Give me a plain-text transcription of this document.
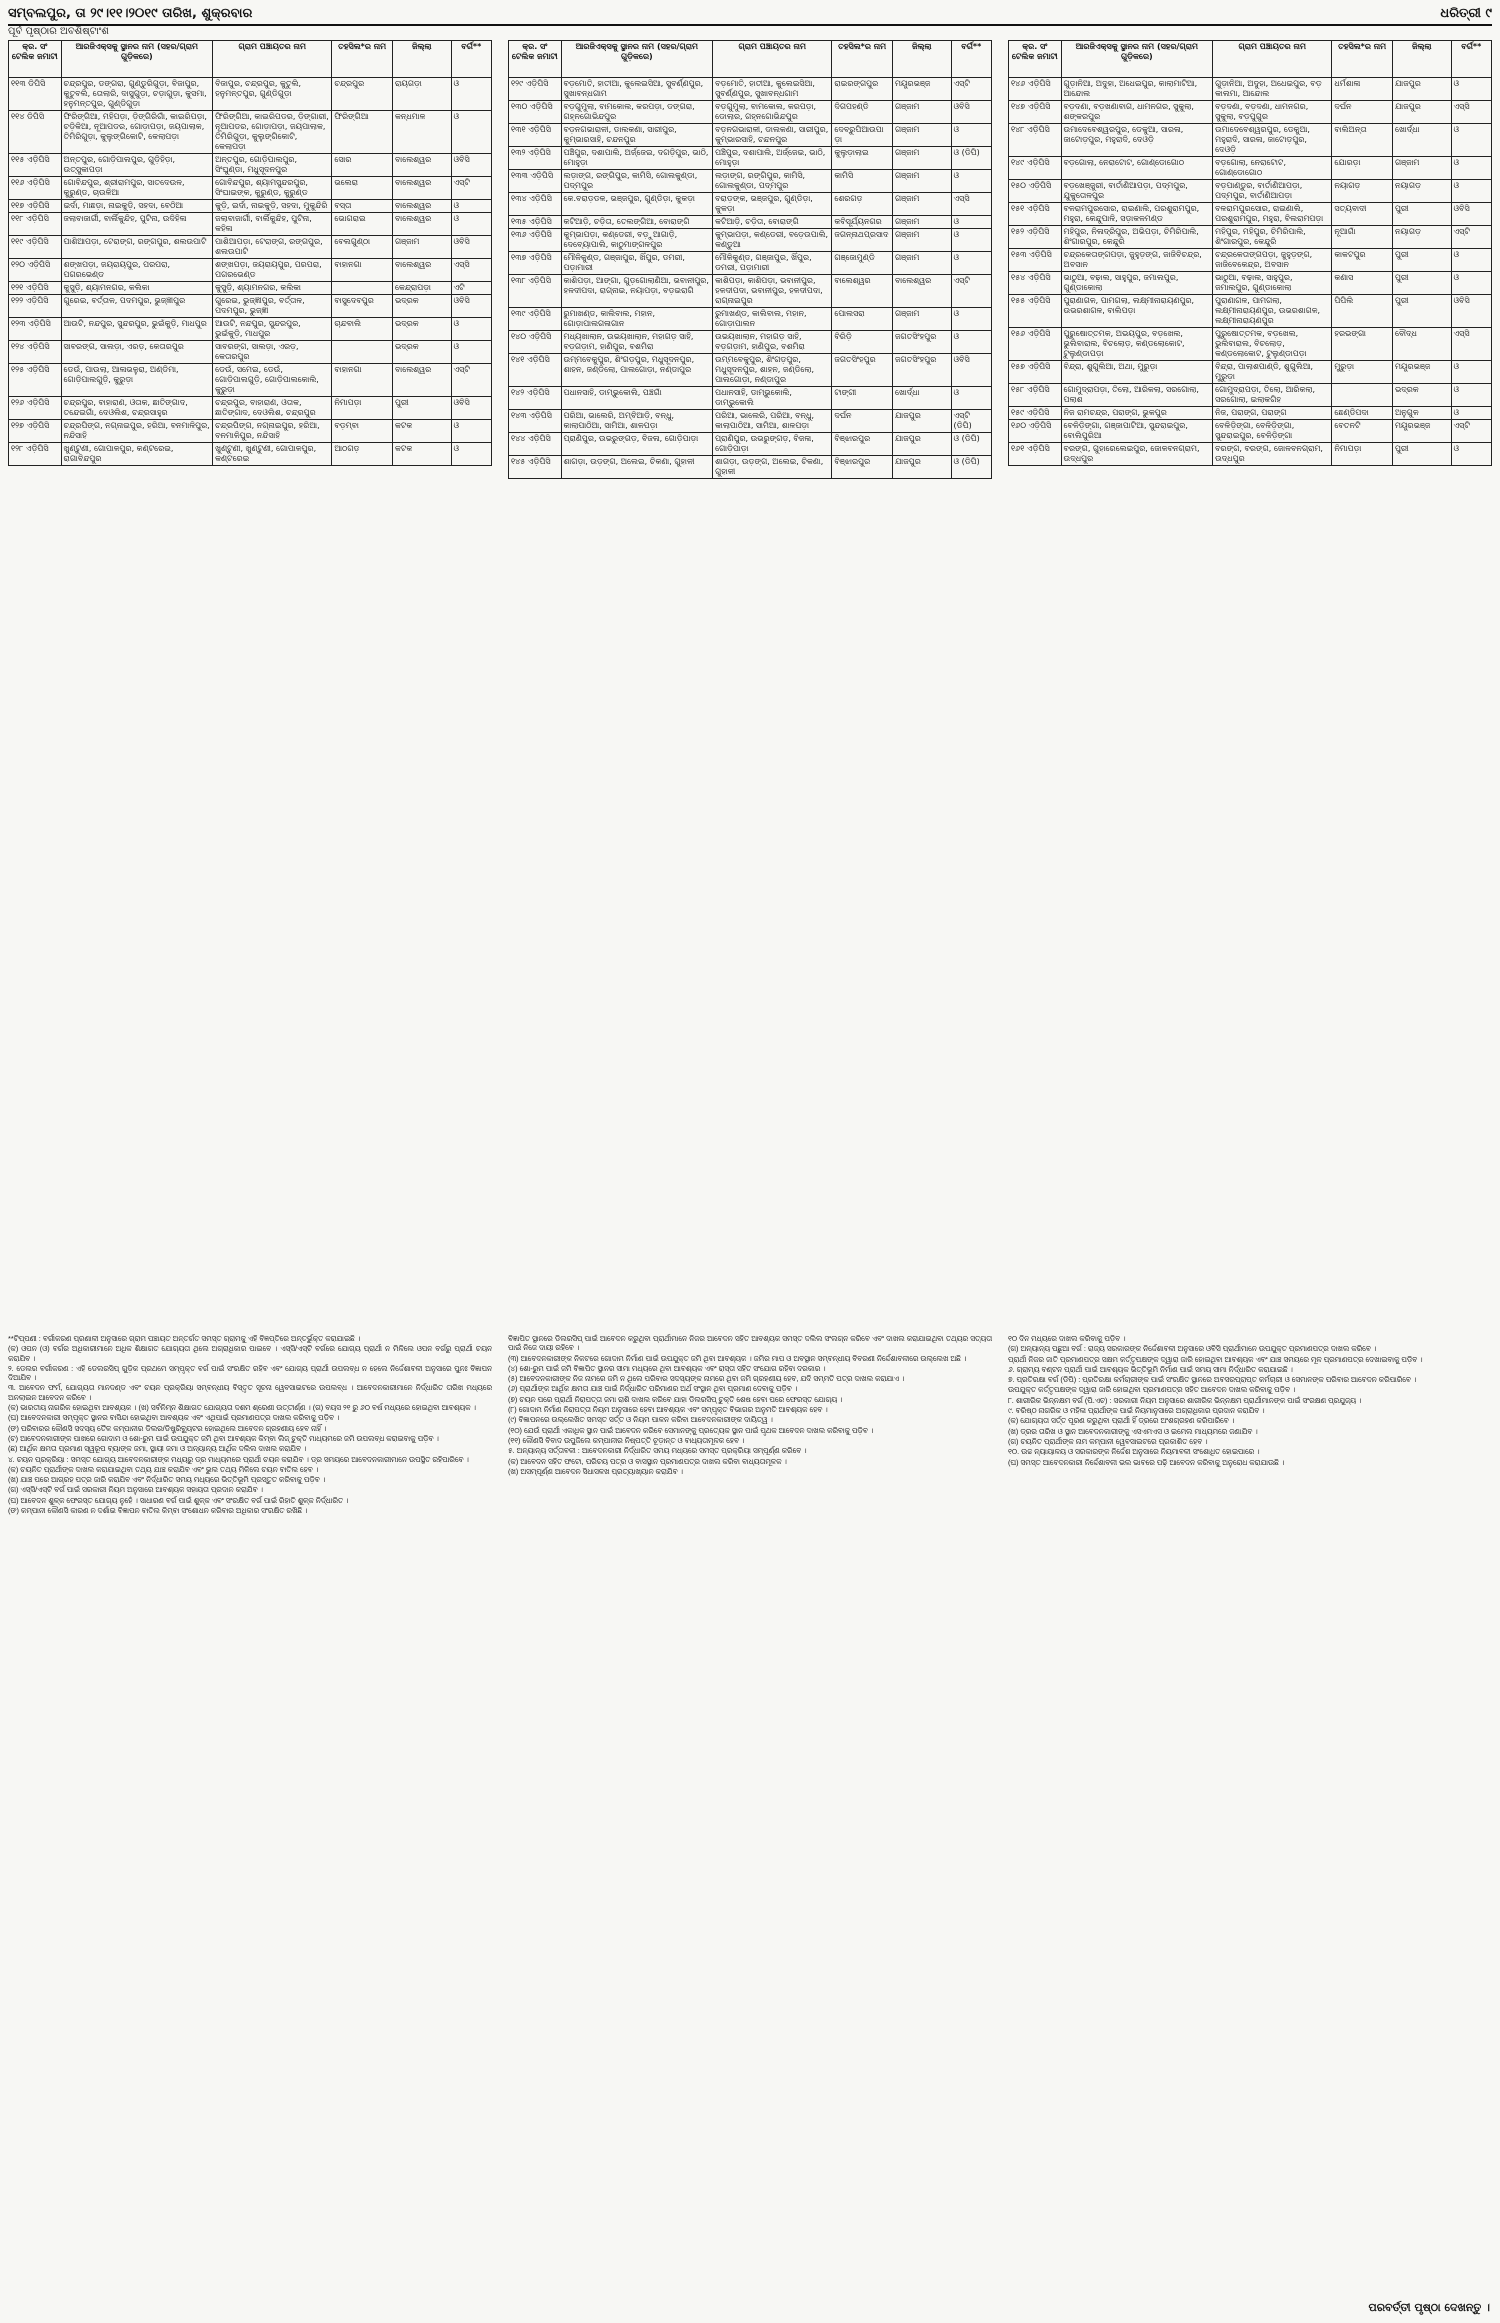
ସମ୍ବଲପୁର, ତା ୨୯।୧୧।୨୦୧୯ ତାରିଖ, ଶୁକ୍ରବାର	ଧରିତ୍ରୀ ୯
ପୂର୍ବ ପୃଷ୍ଠାର ଅବଶିଷ୍ଟାଂଶ
କ୍ର. ସଂ ଟେଲିକ ଜମାଟୀ	ଆରଜିଏକ୍ସକୁ ସ୍ଥାନର ନାମ (ସହର/ଗ୍ରାମ ଗୁଡ଼ିକରେ)	ଗ୍ରାମ ପଞ୍ଚାୟତର ନାମ	ତହସିଲ*ର ନାମ	ଜିଲ୍ଲା	ବର୍ଗ**
୧୧୩ ଡିପିସି	ଚନ୍ଦ୍ରପୁର, ଡଙ୍ଗରା, ଗୁଣ୍ଡୁରିଗୁଡ଼ା, ବିଜାପୁର, କୁତୁବଲି, ତୋଲାରି, ଦାସୁଗୁଡ଼ା, ଚଡ଼ାଗୁଡ଼ା, କୁସମା, ହନୁମନ୍ତପୁର, ଗୁଣ୍ଡିଗୁଡ଼ା	ବିଜାପୁର, ଚନ୍ଦ୍ରପୁର, କୁତୁଲି, ହନୁମନ୍ତପୁର, ଗୁଣ୍ଡିଗୁଡ଼ା	ଚନ୍ଦ୍ରପୁର	ରାୟଗଡ଼ା	ଓ
୧୧୪ ଡିପିସି	ଫିରିଙ୍ଗିଆ, ମହିପଡ଼ା, ଡ଼ିଙ୍ଗିରିଗାଁ, କାଇରିପଡ଼ା, ଚଡ଼ିକିଆ, ନୂଆପଡର, ଗୋଡ଼ାପଡ଼ା, ଜୟପାଲାକ, ତିମିରିଗୁଡ଼ା, କୁଲୁଙ୍ଗିକୋଟି, କେଲାପଡ଼ା	ଫିରିଙ୍ଗିଆ, କାଇରିପଡର, ଡ଼ିଙ୍ଗାରୀ, ନୂଆପଡର, ଗୋଡ଼ାପଡ଼ା, ଜୟପାଲାକ, ତିମିରିଗୁଡ଼ା, କୁଲୁଙ୍ଗିକୋଟି, କେଲାପଡ଼ା	ଫିରିଙ୍ଗିଆ	କନ୍ଧମାଳ	ଓ
୧୧୫ ଏଡ଼ିପିସି	ଅନ୍ତପୁର, ଗୋଡ଼ିପାଲପୁର, ଗୁଡ଼ିହିଡ଼ା, ଉତ୍ସୁକାପଡ଼ା	ଅନ୍ତପୁର, ଗୋଡ଼ିପାଲପୁର, ସିଂଘୁଣ୍ଡା, ମଧୁସୂଦନପୁର	ସୋର	ବାଲେଶ୍ୱର	ଓବିସି
୧୧୬ ଏଡ଼ିପିସି	ଗୋବିନ୍ଦପୁର, ଶ୍ରୀରାମପୁର, ସାତଦେଉଳ, କୁରୁଣ୍ଡ, ଚାଉଳିଆ	ଗୋବିନ୍ଦପୁର, ଶ୍ୟାମସୁନ୍ଦରପୁର, ସିଂଘାଇଙ୍କ, କୁରୁଣ୍ଡ, କୁରୁଣ୍ଡ	ଭଲେରା	ବାଲେଶ୍ୱର	ଏସ୍ଟି
୧୧୭ ଏଡ଼ିପିସି	ଇର୍ଦା, ମାଛଡ଼ା, ନାଇକୁଡ଼ି, ସହଦା, ବେଠିଆ	କୁଡ଼ି, ଇର୍ଦା, ନାଇକୁଡ଼ି, ସହଦା, ମୁକୁନ୍ଦିରି	ବସ୍ତା	ବାଲେଶ୍ୱର	ଓ
୧୧୮ ଏଡ଼ିପିସି	ଜଲାବାଜାର୍ଗୀ, ବାର୍ଲିକୁନ୍ଦିହ, ପୁଟିନା, ଉଦିହିଳା	ଜଲାବାଜାର୍ଗୀ, ବାର୍ଲିକୁନ୍ଦିହ, ପୁଟିନା, କହିଳା	ଭୋଗରାଇ	ବାଲେଶ୍ୱର	ଓ
୧୧୯ ଏଡ଼ିପିସି	ପାଶିଆପଡ଼ା, ଟେରାଙ୍ଗ, ରଙ୍ଗପୁର, ଶଲଉପାଟି	ପାଶିଆପଡ଼ା, ଟେରାଙ୍ଗ, ରଙ୍ଗପୁର, ଶଲଉପାଟି	ବେଲଗୁଣ୍ଠା	ଗଞ୍ଜାମ	ଓବିସି
୧୨୦ ଏଡ଼ିପିସି	ଶଙ୍ଖପଡ଼ା, ଜୟରାୟପୁର, ପରପରା, ପଗରଭେଣ୍ଡ	ଶଙ୍ଖପଡ଼ା, ଜୟରାୟପୁର, ପରପରା, ପଗରଭେଣ୍ଡ	ବାହାନଗା	ବାଲେଶ୍ୱର	ଏସ୍ସି
୧୨୧ ଏଡ଼ିପିସି	କୁସୁଡ଼ି, ଶ୍ୟାମନଗର, କଲିକା	କୁସୁଡ଼ି, ଶ୍ୟାମନଗର, କଲିକା		କେନ୍ଦ୍ରାପଡ଼ା	ଏଟି
୧୨୨ ଏଡ଼ିପିସି	ଗୁରେଇ, ବର୍ତ୍ତାଳ, ପଦମପୁର, ଭୁଜ୍ଜ୍ଞୀପୁର	ଗୁରେଇ, ଭୁଜ୍ଜ୍ଞୀପୁର, ବର୍ତ୍ତାଳ, ପଦମପୁର, ଭୁଜ୍ଜ୍ଞୀ	ବାସୁଦେବପୁର	ଭଦ୍ରକ	ଓବିସି
୧୨୩ ଏଡ଼ିପିସି	ଆଉଟି, ନନ୍ଦପୁର, ସୁନ୍ଦରପୁର, ଭୁଇଁକୁଡ଼ି, ମାଧପୁର	ଆଉଟି, ନନ୍ଦପୁର, ସୁନ୍ଦରପୁର, ଭୁଇଁକୁଡ଼ି, ମାଧପୁର	ଚାନ୍ଦବାଲି	ଭଦ୍ରକ	ଓ
୧୨୪ ଏଡ଼ିପିସି	ସାବରଙ୍ଗ, ସାଲଡ଼ା, ଏରଡ଼, କେତାରପୁର	ସାବରଙ୍ଗ, ସାଲଡ଼ା, ଏରଡ଼, କେତାରପୁର		ଭଦ୍ରକ	ଓ
୧୨୫ ଏଡ଼ିପିସି	ଡେଉଁ, ପାଉଲା, ଆଳାଭଳୁରା, ଅଣ୍ଡିମା, ଗୋଡ଼ିପାଲଗୁଡ଼ି, କୁରୁଡ଼ା	ଡେଉଁ, ସମେଇ, ଡେଉଁ, ଗୋଡ଼ିପାଲଗୁଡ଼ି, ଗୋଡ଼ିପାଲକୋଲି, କୁରୁଡ଼ା	ବାହାନଗା	ବାଲେଶ୍ୱର	ଏସ୍ଟି
୧୨୬ ଏଡ଼ିପିସି	ଚନ୍ଦ୍ରପୁର, ବାହାରାଣ, ଓତାକ, ଛାତିଙ୍ଗାଦ, ତନ୍ଦେଇଗାଁ, ଦେଓଲିଶ, ଚନ୍ଦ୍ରସାହୁର	ଚନ୍ଦ୍ରପୁର, ବାହାରାଣ, ଓତାକ, ଛାତିଙ୍ଗାଦ, ଦେଓଲିଶ, ଚନ୍ଦ୍ରପୁର	ନିମାପଡ଼ା	ପୁରୀ	ଓବିସି
୧୨୭ ଏଡ଼ିପିସି	ଚନ୍ଦ୍ରପିଙ୍ଗ, ନଗ୍ନାଇପୁର, ହରିଆ, ବନମାଳିପୁର, ନନ୍ଦିସାହି	ଚନ୍ଦ୍ରପିଙ୍ଗ, ନଗ୍ନାଇପୁର, ହରିଆ, ବନମାଳିପୁର, ନନ୍ଦିସାହି	ବଡ଼ମ୍ବା	କଟକ	ଓ
୧୨୮ ଏଡ଼ିପିସି	ଖୁଣ୍ଟୁଣୀ, ଗୋପାଳପୁର, କଣ୍ଟରେଇ, ରାଗାବିନ୍ଦପୁର	ଖୁଣ୍ଟୁଣୀ, ଖୁଣ୍ଟୁଣୀ, ଗୋପାଳପୁର, କଣ୍ଟରେଇ	ଆଠଗଡ଼	କଟକ	ଓ
କ୍ର. ସଂ ଟେଲିକ ଜମାଟୀ	ଆରଜିଏକ୍ସକୁ ସ୍ଥାନର ନାମ (ସହର/ଗ୍ରାମ ଗୁଡ଼ିକରେ)	ଗ୍ରାମ ପଞ୍ଚାୟତର ନାମ	ତହସିଲ*ର ନାମ	ଜିଲ୍ଲା	ବର୍ଗ**
୧୨୯ ଏଡ଼ିପିସି	ବଡ଼ମୋତି, ହାତୀଆ, କୁଲେଇସିଆ, ସୁବର୍ଣ୍ଣପୁର, ସୁଖାବନ୍ଧଗାମ	ବଡ଼ମୋତି, ହାତୀଆ, କୁଲେଇସିଆ, ସୁବର୍ଣ୍ଣପୁର, ସୁଖାବନ୍ଧଗାମ	ରାଇରଙ୍ଗପୁର	ମୟୂରଭଞ୍ଜ	ଏସ୍ଟି
୧୩୦ ଏଡ଼ିପିସି	ବଡ଼ଗୁମୁଲା, ବାମକୋଲ, କରପଡ଼ା, ଡଙ୍ଗରା, ଗହ୍ନଗୋଭିନ୍ଦପୁର	ବଡ଼ଗୁମୁଲା, ବାମକୋଲ, କରପଡ଼ା, ଡୋଲାର, ଗହ୍ନଗୋଭିନ୍ଦପୁର	ଦିଗପହଣ୍ଡି	ଗଞ୍ଜାମ	ଓବିସି
୧୩୧ ଏଡ଼ିପିସି	ବଡ଼ନଗଭାରାଳୀ, ଡାଲକଣା, ସାରୀପୁର, କୁମ୍ଭାରସାହି, ଚନ୍ଦନପୁର	ବଡ଼ନଗଭାରାଳୀ, ଡାଲକଣା, ସାରୀପୁର, କୁମ୍ଭାରସାହି, ଚନ୍ଦନପୁର	ଦେବ୍ରୁପିଆଉପାଡ଼ା	ଗଞ୍ଜାମ	ଓ
୧୩୨ ଏଡ଼ିପିସି	ପଞ୍ଚିପୁର, ଦଶାପାଲି, ଅର୍ଜ୍ଜେଇ, ଦଗଡ଼ିପୁର, ଭାଠି, ମୋହୁଡ଼ା	ପଞ୍ଚିପୁର, ଦଶାପାଲି, ଅର୍ଜ୍ଜେଇ, ଭାଠି, ମୋହୁଡ଼ା	କୁଲୁଡ଼ାଲାଇ	ଗଞ୍ଜାମ	ଓ (ଡିପି)
୧୩୩ ଏଡ଼ିପିସି	ଲଡ଼ାଙ୍ଗ, ରଙ୍ଗିପୁର, କାମିସି, ଗୋଲକୁଣ୍ଡା, ପଦ୍ମପୁର	ଲଡ଼ାଙ୍ଗ, ରଙ୍ଗିପୁର, କାମିସି, ଗୋଲକୁଣ୍ଡା, ପଦ୍ମପୁର	କାମିସି	ଗଞ୍ଜାମ	ଓ
୧୩୪ ଏଡ଼ିପିସି	କେ.ବରାଡ଼ଡଳ, ଭଞ୍ଜପୁର, ଗୁଣ୍ଡିଡ଼ା, କୁକଡ଼ା	ବରାଡ଼ଙ୍କ, ଭଞ୍ଜପୁର, ଗୁଣ୍ଡିଡ଼ା, କୁକଡ଼ା	ଶେରଗଡ଼	ଗଞ୍ଜାମ	ଏସ୍ସି
୧୩୫ ଏଡ଼ିପିସି	କଟିଆଡ଼ି, ଚଡ଼ିତା, ତେଲଙ୍ଗିଆ, ବୋରାଙ୍ଗି	କଟିଆଡ଼ି, ଚଡ଼ିତା, ବୋରାଙ୍ଗି	କବିସୂର୍ଯ୍ୟନଗର	ଗଞ୍ଜାମ	ଓ
୧୩୬ ଏଡ଼ିପିସି	କୁମ୍ଭାପଡ଼ା, କଣ୍ଡେରୀ, ବଡ଼ୁଆଗାଡ଼ି, ଦେବ୍ୟୋପାଲି, କାଠୁମାଙ୍ଗଳପୁର	କୁମ୍ଭାପଡ଼ା, କଣ୍ଡେରୀ, ବଡ଼େଉପାଲି, କଣ୍ଡୁଆ	ଜଗନ୍ନାଥପ୍ରସାଦ	ଗଞ୍ଜାମ	ଓ
୧୩୭ ଏଡ଼ିପିସି	ମୌଳିକୁଣ୍ଡ, ଗଞ୍ଜାପୁର, ଖିଁପୁର, ଡମରୀ, ପଡ଼ାମାରୀ	ମୌଳିକୁଣ୍ଡ, ଗଞ୍ଜାପୁର, ଖିଁପୁର, ଡମରୀ, ପଡ଼ାମାରୀ	ଗଞ୍ଜୋମୁଣ୍ଡି	ଗଞ୍ଜାମ	ଓ
୧୩୮ ଏଡ଼ିପିସି	କାଶିପଡ଼ା, ଆଙ୍ଗା, ଗୁଡ଼ଗୋଲାଣିଆ, ଭବାନୀପୁର, ହଳଦୀପଦା, ରାଗ୍ନାଇ, ନୟାପଡ଼ା, ବଡ଼ଇରାଗି	କାଶିପଡ଼ା, କାଶିପଡ଼ା, ଭବାନୀପୁର, ହଳଦୀପଦା, ଭବାନୀପୁର, ହଳଦୀପଦା, ରାଗ୍ନାଇପୁର	ବାଲେଶ୍ୱର	ବାଲେଶ୍ୱର	ଏସ୍ଟି
୧୩୯ ଏଡ଼ିପିସି	ରୁମାଖଣ୍ଡ, କାଲିବାଲ, ମହାନ, ଗୋଡ଼ାପାଲଗଳାଗାନ	ରୁମାଖଣ୍ଡ, କାଲିବାଲ, ମହାନ, ଗୋଡ଼ାପାଲନ	ପୋଲସରା	ଗଞ୍ଜାମ	ଓ
୧୪୦ ଏଡ଼ିପିସି	ମଧ୍ୟଖାଲାନ, ଉଭୟଖାଲାନ, ମହାଗଡ଼ ସାହି, ବଡ଼ଗଡ଼ାମ, ହାଣିପୁର, ବଶମିରା	ଉଭୟଖାଲାନ, ମହାଗଡ଼ ସାହି, ବଡ଼ଗଡ଼ାମ, ହାଣିପୁର, ବଶମିରା	ବିରିଡ଼ି	ଜଗତସିଂହପୁର	ଓ
୧୪୧ ଏଡ଼ିପିସି	ଉମ୍ମବେକୁପୁର, ଶିଂଗଡ଼ପୁର, ମଧୁସୂଦନପୁର, ଶାହନ, ଜଣ୍ଡିଲୋ, ପାଲଗୋଡ଼ା, ନଣ୍ଡାପୁର	ଉମ୍ମବେକୁପୁର, ଶିଂଗଡ଼ପୁର, ମଧୁସୂଦନପୁର, ଶାହନ, ଜଣ୍ଡିଲୋ, ପାଲଗୋଡ଼ା, ନଣ୍ଡାପୁର	ଜଗତସିଂହପୁର	ଜଗତସିଂହପୁର	ଓବିସି
୧୪୨ ଏଡ଼ିପିସି	ପଧାନସାହି, ଡାମ୍ଭୁକୋଲି, ପଞ୍ଚଗାଁ	ପଧାନସାହି, ଡାମ୍ଭୁକୋଲି, ଡାମ୍ଭୁକୋଲି	ଟାଙ୍ଗୀ	ଖୋର୍ଦ୍ଧା	ଓ
୧୪୩ ଏଡ଼ିପିସି	ପରିଆ, ଭାଲେରି, ଅମ୍ବିଆଡ଼ି, ବନ୍ଧୁ, କାଲାପାଠିଆ, ସାମିଆ, ଶାଳପଡ଼ା	ପରିଆ, ଭାଲେରି, ପରିଆ, ବନ୍ଧୁ, କାଲାପାଠିଆ, ସାମିଆ, ଶାଳପଡ଼ା	ଦର୍ଘନ	ଯାଜପୁର	ଏସ୍ଟି (ଡିପି)
୧୪୪ ଏଡ଼ିପିସି	ପ୍ରାଣିପୁର, ଉଭରୁଙ୍ଗଡ଼, ବିଜଳା, ଗୋଡ଼ିପାଡ଼ା	ପ୍ରାଣିପୁର, ଉଭରୁଙ୍ଗଡ଼, ବିଜଳା, ଗୋଡ଼ିପାଡ଼ା	ବିଞ୍ଝାରପୁର	ଯାଜପୁର	ଓ (ଡିପି)
୧୪୫ ଏଡ଼ିପିସି	ଶାଗଡ଼ା, ଉଡ଼ଙ୍ଗ, ଅଲେଇ, ଚିକଣା, ଗୁହାଳୀ	ଶାଗଡ଼ା, ଉଡ଼ଙ୍ଗ, ଅଲେଇ, ଚିକଣା, ଗୁହାଳୀ	ବିଞ୍ଝାରପୁର	ଯାଜପୁର	ଓ (ଡିପି)
କ୍ର. ସଂ ଟେଲିକ ଜମାଟୀ	ଆରଜିଏକ୍ସକୁ ସ୍ଥାନର ନାମ (ସହର/ଗ୍ରାମ ଗୁଡ଼ିକରେ)	ଗ୍ରାମ ପଞ୍ଚାୟତର ନାମ	ତହସିଲ*ର ନାମ	ଜିଲ୍ଲା	ବର୍ଗ**
୧୪୬ ଏଡ଼ିପିସି	ଗୁଡ଼ାନିଆ, ଅଦୁହା, ଅଧେଇପୁର, କାଲାମାଟିଆ, ଆନ୍ଦୋଲ	ଗୁଡ଼ାନିଆ, ଅଦୁହା, ଅଧେଇପୁର, ବଡ଼ କାଲମା, ଆନ୍ଦୋଲ	ଧର୍ମଶାଳା	ଯାଜପୁର	ଓ
୧୪୭ ଏଡ଼ିପିସି	ବଡ଼ଦଣା, ବଡ଼ଖଣାବାଗ, ଧାମନଗର, ସୁକୁଲା, ଶଙ୍କରପୁର	ବଡ଼ଦଣା, ବଡ଼ଦଣା, ଧାମନଗର, ସୁକୁଲା, ବଡ଼ପୁଗୁର	ଦର୍ଘନ	ଯାଜପୁର	ଏସ୍ସି
୧୪୮ ଏଡ଼ିପିସି	ଉମାଦେବେଶ୍ୱରପୁର, ଡେକୁଆ, ସାରଳା, ଜାଟୋଡ଼ପୁର, ମହୁରାଦି, ଦେଓଡ଼ି	ଉମାଦେବେଶ୍ୱରପୁର, ଡେକୁଆ, ମହୁରାଦି, ସାରଳା, ଜାଟୋଡ଼ପୁର, ଦେଓଡ଼ି	ବାଲିଅନ୍ତା	ଖୋର୍ଦ୍ଧା	ଓ
୧୪୯ ଏଡ଼ିପିସି	ବଡ଼ଗୋଲା, ନେରାଟୋଟ, ଗୋଣ୍ଡୋଗୋଠ	ବଡ଼ଗୋଲା, ନେରାଟୋଟ, ଗୋଣ୍ଡୋଗୋଠ	ଯୋରଡ଼ା	ଗଞ୍ଜାମ	ଓ
୧୫୦ ଏଡ଼ିପିସି	ବଡ଼ଖେଞ୍ଜୁରୀ, ବାର୍ତାଣିଆପଡ଼ା, ପଦ୍ମପୁର, ଯୁକୁତୋଳପୁର	ବଡ଼ପାଣ୍ଡୁର, ବାର୍ତାଣିଆପଡ଼ା, ପଦ୍ମପୁର, ବାର୍ତାଣିଆପଡ଼ା	ନୟାଗଡ଼	ନୟାଗଡ଼	ଓ
୧୫୧ ଏଡ଼ିପିସି	ବଳରାମପୁରସୋର, ରାଇଣାଲି, ପରଶୁରାମପୁର, ମହୁରା, କେନ୍ଦୁପାଳି, ସଡ଼ାକଳମଣ୍ଡ	ବଳରାମପୁରସୋର, ରାଇଣାଲି, ପରଶୁରାମପୁର, ମହୁରା, ବିଲରାମପଡ଼ା	ସତ୍ୟବାଦୀ	ପୁରୀ	ଓବିସି
୧୫୨ ଏଡ଼ିପିସି	ମହିପୁର, ନିଳାଦ୍ରିପୁର, ଅଭିପଡ଼ା, ଚିମିରିପାଲି, ଶିଂଗାରପୁର, କେନ୍ଦୁରି	ମହିପୁର, ମହିପୁର, ଚିମିରିପାଲି, ଶିଂଗାରପୁର, କେନ୍ଦୁରି	ନୂଆଗାଁ	ନୟାଗଡ଼	ଏସ୍ଟି
୧୫୩ ଏଡ଼ିପିସି	ଚନ୍ଦ୍ରକେତାଙ୍ଗପଡ଼ା, ଜୁହୁଡ଼ଙ୍ଗ, ଜାଜିବିଚନ୍ଦ୍ର, ଅବସାନ	ଚନ୍ଦ୍ରକେତାଙ୍ଗପଡ଼ା, ଜୁହୁଡ଼ଙ୍ଗ, ଜାଜିବେକେନ୍ଦ୍ର, ଅବସାନ	କାକଟପୁର	ପୁରୀ	ଓ
୧୫୪ ଏଡ଼ିପିସି	ଭାଠୁଆ, ବଢ଼ାଲ, ସାହୁପୁର, ଜମାଲପୁର, ଗୁଣ୍ଡାକୋଲା	ଭାଠୁଆ, ବଢ଼ାଲ, ସାହୁପୁର, ଜମାଲପୁର, ଗୁଣ୍ଡାକୋଲା	କଣାସ	ପୁରୀ	ଓ
୧୫୫ ଏଡ଼ିପିସି	ପୁରାଣାଗଳ, ପାମଗଲା, ଲକ୍ଷ୍ମୀନାରାୟଣପୁର, ଉଭରଶାଗଳ, ବାଲିପଡ଼ା	ପୁରାଣାଗଳ, ପାମଗଲା, ଲକ୍ଷ୍ମୀନାରାୟଣପୁର, ଉଭରଶାଗଳ, ଲକ୍ଷ୍ମୀନାରାୟଣପୁର	ପିପିଲି	ପୁରୀ	ଓବିସି
୧୫୬ ଏଡ଼ିପିସି	ପୁରୁଷୋତ୍ତମକ, ଅଭୟପୁର, ବଡ଼ଖେଲ, ଭୁଲିବାରାଲ, ବିଚଲୋଡ଼, କଣ୍ଡଲୋକୋଟ, ଟୁଲୁଣ୍ଡାପଡ଼ା	ପୁରୁଷୋତ୍ତମକ, ବଡ଼ଖେଲ, ଭୁଲିବାରାଲ, ବିଚଲୋଡ଼, କଣ୍ଡଲୋକୋଟ, ଟୁଲୁଣ୍ଡାପଡ଼ା	ହରଭଙ୍ଗା	ବୌଦ୍ଧ	ଏସ୍ସି
୧୫୭ ଏଡ଼ିପିସି	ବିନ୍ଦ୍ରା, ଶୁଗୁଲିଆ, ଅଥା, ମୁରୁଡ଼ା	ବିନ୍ଦ୍ରା, ପାଲାଶପାଣ୍ଡି, ଶୁଗୁଲିଆ, ମୁରୁଡ଼ା	ମୁରୁଡ଼ା	ମୟୂରଭଞ୍ଜ	ଓ
୧୫୮ ଏଡ଼ିପିସି	ଗୋମୁଦ୍ରାପଡ଼ା, ତିଲୋ, ଆରିକଲା, ସରଗୋଲା, ପଲାଶ	ଗୋମୁଦ୍ରାପଡ଼ା, ତିଲୋ, ଆରିକଲା, ସରଗୋଲା, ଇଲାକଗିହ		ଭଦ୍ରକ	ଓ
୧୫୯ ଏଡ଼ିପିସି	ନିଜ ରାମଚନ୍ଦ୍ର, ପରାଙ୍ଗ, ଭୁକପୁର	ନିଜ, ପରାଙ୍ଗ, ପରାଙ୍ଗ	ଛେଣ୍ଡିପଦା	ଅନୁଗୁଳ	ଓ
୧୬୦ ଏଡ଼ିପିସି	ବେଳିଡ଼ିଙ୍ଗା, ଗଞ୍ଜାପାଟିଆ, ସୁନ୍ଦରାଇପୁର, ବୋଲିପୁରିଆ	ବେଳିଡ଼ିଙ୍ଗା, ବେଳିଡ଼ିଙ୍ଗା, ସୁନ୍ଦରାଇପୁର, ବେଳିଡ଼ିଙ୍ଗା	ବେତନଟି	ମୟୂରଭଞ୍ଜ	ଏସ୍ଟି
୧୬୧ ଏଡ଼ିପିସି	ବରଙ୍ଗ, ଗୁହାରେଲେଇପୁର, ଜୋଳବନଗ୍ରାମ, ଉଦ୍ଧପୁର	ବରଙ୍ଗ, ବରଙ୍ଗ, ଜୋଳବନଗ୍ରାମ, ଉଦ୍ଧପୁର	ନିମାପଡ଼ା	ପୁରୀ	ଓ

**ଟିପ୍ପଣୀ : ବର୍ଗୀକରଣ ପ୍ରଣାଳୀ ଅନୁସାରେ ଗ୍ରାମ ପଞ୍ଚାୟତ ଅନ୍ତର୍ଗତ ସମସ୍ତ ଗ୍ରାମକୁ ଏହି ବିଜ୍ଞପ୍ତିରେ ଅନ୍ତର୍ଭୁକ୍ତ କରାଯାଇଛି ।

(କ) ଓପନ (ଓ) ବର୍ଗର ଅଧିକାରୀମାନେ ଅଧିକ ଶିକ୍ଷାଗତ ଯୋଗ୍ୟତା ଥିଲେ ଅଗ୍ରାଧିକାର ପାଇବେ । ଏସ୍ସି/ଏସ୍ଟି ବର୍ଗରେ ଯୋଗ୍ୟ ପ୍ରାର୍ଥୀ ନ ମିଳିଲେ ଓପନ ବର୍ଗରୁ ପ୍ରାର୍ଥୀ ଚୟନ କରାଯିବ ।

୨. ଡେଲର ବର୍ଗୀକରଣ : ଏହି ଡେଲରସିପ୍ ଗୁଡ଼ିକ ପ୍ରଥମେ ସମ୍ପୃକ୍ତ ବର୍ଗ ପାଇଁ ସଂରକ୍ଷିତ ରହିବ ଏବଂ ଯୋଗ୍ୟ ପ୍ରାର୍ଥୀ ଉପଲବ୍ଧ ନ ହେଲେ ନିର୍ଦ୍ଦେଶାବଳୀ ଅନୁସାରେ ପୁନଃ ବିଜ୍ଞାପନ ଦିଆଯିବ ।

୩. ଆବେଦନ ଫର୍ମ, ଯୋଗ୍ୟତା ମାନଦଣ୍ଡ ଏବଂ ଚୟନ ପ୍ରକ୍ରିୟା ସମ୍ବନ୍ଧୀୟ ବିସ୍ତୃତ ସୂଚନା ୱେବସାଇଟରେ ଉପଲବ୍ଧ । ଆବେଦନକାରୀମାନେ ନିର୍ଦ୍ଧାରିତ ତାରିଖ ମଧ୍ୟରେ ଅନଲାଇନ ଆବେଦନ କରିବେ ।

(କ) ଭାରତୀୟ ନାଗରିକ ହୋଇଥିବା ଆବଶ୍ୟକ । (ଖ) ସର୍ବନିମ୍ନ ଶିକ୍ଷାଗତ ଯୋଗ୍ୟତା ଦଶମ ଶ୍ରେଣୀ ଉତ୍ତୀର୍ଣ୍ଣ । (ଗ) ବୟସ ୨୧ ରୁ ୬୦ ବର୍ଷ ମଧ୍ୟରେ ହୋଇଥିବା ଆବଶ୍ୟକ ।

(ଘ) ଆବେଦନକାରୀ ସମ୍ପୃକ୍ତ ସ୍ଥାନର ବାସିନ୍ଦା ହୋଇଥିବା ଆବଶ୍ୟକ ଏବଂ ଏଥିପାଇଁ ପ୍ରମାଣପତ୍ର ଦାଖଲ କରିବାକୁ ପଡ଼ିବ ।

(ଙ) ପରିବାରର କୌଣସି ସଦସ୍ୟ ତୈଳ କମ୍ପାନୀର ଡିଲର/ଡିଷ୍ଟ୍ରିବ୍ୟୁଟର ହୋଇଥିଲେ ଆବେଦନ ଗ୍ରହଣୀୟ ହେବ ନାହିଁ ।

(ଚ) ଆବେଦନକାରୀଙ୍କ ପାଖରେ ଗୋଦାମ ଓ ଶୋ-ରୁମ ପାଇଁ ଉପଯୁକ୍ତ ଜମି ଥିବା ଆବଶ୍ୟକ କିମ୍ବା ଲିଜ୍ ଚୁକ୍ତି ମାଧ୍ୟମରେ ଜମି ଉପଲବ୍ଧ କରାଇବାକୁ ପଡ଼ିବ ।

(ଛ) ଆର୍ଥିକ କ୍ଷମତା ପ୍ରମାଣ ସ୍ୱରୂପ ବ୍ୟାଙ୍କ ଜମା, ସ୍ଥାୟୀ ଜମା ଓ ଅନ୍ୟାନ୍ୟ ଆର୍ଥିକ ଦଲିଲ ଦାଖଲ କରାଯିବ ।

୪. ଚୟନ ପ୍ରକ୍ରିୟା : ସମସ୍ତ ଯୋଗ୍ୟ ଆବେଦନକାରୀଙ୍କ ମଧ୍ୟରୁ ଡ୍ର ମାଧ୍ୟମରେ ପ୍ରାର୍ଥୀ ଚୟନ କରାଯିବ । ଡ୍ର ସମୟରେ ଆବେଦନକାରୀମାନେ ଉପସ୍ଥିତ ରହିପାରିବେ ।

(କ) ଚୟନିତ ପ୍ରାର୍ଥୀଙ୍କ ଦାଖଲ କରାଯାଇଥିବା ତଥ୍ୟ ଯାଞ୍ଚ କରାଯିବ ଏବଂ ଭୁଲ ତଥ୍ୟ ମିଳିଲେ ଚୟନ ବାତିଲ ହେବ ।

(ଖ) ଯାଞ୍ଚ ପରେ ଆଗ୍ରହ ପତ୍ର ଜାରି କରାଯିବ ଏବଂ ନିର୍ଦ୍ଧାରିତ ସମୟ ମଧ୍ୟରେ ଭିତ୍ତିଭୂମି ପ୍ରସ୍ତୁତ କରିବାକୁ ପଡ଼ିବ ।

(ଗ) ଏସ୍ସି/ଏସ୍ଟି ବର୍ଗ ପାଇଁ ସରକାରୀ ନିୟମ ଅନୁସାରେ ଆବଶ୍ୟକ ସହାୟତା ପ୍ରଦାନ କରାଯିବ ।

(ଘ) ଆବେଦନ ଶୁଳ୍କ ଫେରସ୍ତ ଯୋଗ୍ୟ ନୁହେଁ । ସାଧାରଣ ବର୍ଗ ପାଇଁ ଶୁଳ୍କ ଏବଂ ସଂରକ୍ଷିତ ବର୍ଗ ପାଇଁ ରିହାତି ଶୁଳ୍କ ନିର୍ଦ୍ଧାରିତ ।

(ଙ) କମ୍ପାନୀ କୌଣସି କାରଣ ନ ଦର୍ଶାଇ ବିଜ୍ଞାପନ ବାତିଲ କିମ୍ବା ସଂଶୋଧନ କରିବାର ଅଧିକାର ସଂରକ୍ଷିତ ରଖିଛି ।

ବିଜ୍ଞାପିତ ସ୍ଥାନରେ ଡିଲରସିପ୍ ପାଇଁ ଆବେଦନ କରୁଥିବା ପ୍ରାର୍ଥୀମାନେ ନିଜର ଆବେଦନ ସହିତ ଆବଶ୍ୟକ ସମସ୍ତ ଦଲିଲ ସଂଲଗ୍ନ କରିବେ ଏବଂ ଦାଖଲ କରାଯାଇଥିବା ତଥ୍ୟର ସତ୍ୟତା ପାଇଁ ନିଜେ ଦାୟୀ ରହିବେ ।

(୩) ଆବେଦନକାରୀଙ୍କ ନିକଟରେ ଗୋଦାମ ନିର୍ମାଣ ପାଇଁ ଉପଯୁକ୍ତ ଜମି ଥିବା ଆବଶ୍ୟକ । ଜମିର ମାପ ଓ ଅବସ୍ଥାନ ସମ୍ବନ୍ଧୀୟ ବିବରଣୀ ନିର୍ଦ୍ଦେଶାବଳୀରେ ଉଲ୍ଲେଖ ଅଛି ।

(୪) ଶୋ-ରୁମ ପାଇଁ ଜମି ବିଜ୍ଞାପିତ ସ୍ଥାନର ସୀମା ମଧ୍ୟରେ ଥିବା ଆବଶ୍ୟକ ଏବଂ ରାସ୍ତା ସହିତ ସଂଯୋଗ ରହିବା ଦରକାର ।

(୫) ଆବେଦନକାରୀଙ୍କ ନିଜ ନାମରେ ଜମି ନ ଥିଲେ ପରିବାର ସଦସ୍ୟଙ୍କ ନାମରେ ଥିବା ଜମି ଗ୍ରହଣୀୟ ହେବ, ଯଦି ସମ୍ମତି ପତ୍ର ଦାଖଲ କରାଯାଏ ।

(୬) ପ୍ରାର୍ଥୀଙ୍କ ଆର୍ଥିକ କ୍ଷମତା ଯାଞ୍ଚ ପାଇଁ ନିର୍ଦ୍ଧାରିତ ପରିମାଣର ଅର୍ଥ ସଂସ୍ଥାନ ଥିବା ପ୍ରମାଣ ଦେବାକୁ ପଡ଼ିବ ।

(୭) ଚୟନ ପରେ ପ୍ରାର୍ଥୀ ନିରାପତ୍ତା ଜମା ରାଶି ଦାଖଲ କରିବେ ଯାହା ଡିଲରସିପ୍ ଚୁକ୍ତି ଶେଷ ହେବା ପରେ ଫେରସ୍ତ ଯୋଗ୍ୟ ।

(୮) ଗୋଦାମ ନିର୍ମାଣ ନିରାପତ୍ତା ନିୟମ ଅନୁସାରେ ହେବା ଆବଶ୍ୟକ ଏବଂ ସମ୍ପୃକ୍ତ ବିଭାଗର ଅନୁମତି ଆବଶ୍ୟକ ହେବ ।

(୯) ବିଜ୍ଞାପନରେ ଉଲ୍ଲେଖିତ ସମସ୍ତ ସର୍ତ୍ତ ଓ ନିୟମ ପାଳନ କରିବା ଆବେଦନକାରୀଙ୍କ ଦାୟିତ୍ୱ ।

(୧୦) ଯେଉଁ ପ୍ରାର୍ଥୀ ଏକାଧିକ ସ୍ଥାନ ପାଇଁ ଆବେଦନ କରିବେ ସେମାନଙ୍କୁ ପ୍ରତ୍ୟେକ ସ୍ଥାନ ପାଇଁ ପୃଥକ ଆବେଦନ ଦାଖଲ କରିବାକୁ ପଡ଼ିବ ।

(୧୧) କୌଣସି ବିବାଦ ଉପୁଜିଲେ କମ୍ପାନୀର ନିଷ୍ପତ୍ତି ଚୂଡ଼ାନ୍ତ ଓ ବାଧ୍ୟତାମୂଳକ ହେବ ।

୫. ଅନ୍ୟାନ୍ୟ ସର୍ତ୍ତାବଳୀ : ଆବେଦନକାରୀ ନିର୍ଦ୍ଧାରିତ ସମୟ ମଧ୍ୟରେ ସମସ୍ତ ପ୍ରକ୍ରିୟା ସମ୍ପୂର୍ଣ୍ଣ କରିବେ ।

(କ) ଆବେଦନ ସହିତ ଫଟୋ, ପରିଚୟ ପତ୍ର ଓ ବାସସ୍ଥାନ ପ୍ରମାଣପତ୍ର ଦାଖଲ କରିବା ବାଧ୍ୟତାମୂଳକ ।

(ଖ) ଅସମ୍ପୂର୍ଣ୍ଣ ଆବେଦନ ସିଧାସଳଖ ପ୍ରତ୍ୟାଖ୍ୟାନ କରାଯିବ ।

୧୦ ଦିନ ମଧ୍ୟରେ ଦାଖଲ କରିବାକୁ ପଡ଼ିବ ।

(ଗ) ଅନ୍ୟାନ୍ୟ ପଛୁଆ ବର୍ଗ : ରାଜ୍ୟ ସରକାରଙ୍କ ନିର୍ଦ୍ଦେଶାବଳୀ ଅନୁସାରେ ଓବିସି ପ୍ରାର୍ଥୀମାନେ ଉପଯୁକ୍ତ ପ୍ରମାଣପତ୍ର ଦାଖଲ କରିବେ ।

ପ୍ରାର୍ଥୀ ନିଜର ଜାତି ପ୍ରମାଣପତ୍ର ସକ୍ଷମ କର୍ତ୍ତୃପକ୍ଷଙ୍କ ଦ୍ୱାରା ଜାରି ହୋଇଥିବା ଆବଶ୍ୟକ ଏବଂ ଯାଞ୍ଚ ସମୟରେ ମୂଳ ପ୍ରମାଣପତ୍ର ଦେଖାଇବାକୁ ପଡ଼ିବ ।

୬. ଗ୍ରାମ୍ୟ ବଣ୍ଟନ ପ୍ରାର୍ଥୀ ପାଇଁ ଆବଶ୍ୟକ ଭିତ୍ତିଭୂମି ନିର୍ମାଣ ପାଇଁ ସମୟ ସୀମା ନିର୍ଦ୍ଧାରିତ କରାଯାଇଛି ।

୭. ପ୍ରତିରକ୍ଷା ବର୍ଗ (ଡିପି) : ପ୍ରତିରକ୍ଷା କର୍ମଚାରୀଙ୍କ ପାଇଁ ସଂରକ୍ଷିତ ସ୍ଥାନରେ ଅବସରପ୍ରାପ୍ତ କର୍ମଚାରୀ ଓ ସେମାନଙ୍କ ପରିବାର ଆବେଦନ କରିପାରିବେ ।

ଉପଯୁକ୍ତ କର୍ତ୍ତୃପକ୍ଷଙ୍କ ଦ୍ୱାରା ଜାରି ହୋଇଥିବା ପ୍ରମାଣପତ୍ର ସହିତ ଆବେଦନ ଦାଖଲ କରିବାକୁ ପଡ଼ିବ ।

୮. ଶାରୀରିକ ଭିନ୍ନକ୍ଷମ ବର୍ଗ (ପି.ଏଚ) : ସରକାରୀ ନିୟମ ଅନୁସାରେ ଶାରୀରିକ ଭିନ୍ନକ୍ଷମ ପ୍ରାର୍ଥୀମାନଙ୍କ ପାଇଁ ସଂରକ୍ଷଣ ପ୍ରଯୁଜ୍ୟ ।

୯. ବରିଷ୍ଠ ନାଗରିକ ଓ ମହିଳା ପ୍ରାର୍ଥୀଙ୍କ ପାଇଁ ନିୟମାନୁସାରେ ଅଗ୍ରାଧିକାର ପ୍ରଦାନ କରାଯିବ ।

(କ) ଯୋଗ୍ୟତା ସର୍ତ୍ତ ପୂରଣ କରୁଥିବା ପ୍ରାର୍ଥୀ ହିଁ ଡ୍ରରେ ଅଂଶଗ୍ରହଣ କରିପାରିବେ ।

(ଖ) ଡ୍ରର ତାରିଖ ଓ ସ୍ଥାନ ଆବେଦନକାରୀଙ୍କୁ ଏସଏମଏସ ଓ ଇମେଲ ମାଧ୍ୟମରେ ଜଣାଯିବ ।

(ଗ) ଚୟନିତ ପ୍ରାର୍ଥୀଙ୍କ ନାମ କମ୍ପାନୀ ୱେବସାଇଟରେ ପ୍ରକାଶିତ ହେବ ।

୧୦. ଉଚ୍ଚ ନ୍ୟାୟାଳୟ ଓ ସରକାରଙ୍କ ନିର୍ଦ୍ଦେଶ ଅନୁସାରେ ନିୟମାବଳୀ ସଂଶୋଧିତ ହୋଇପାରେ ।

(ଘ) ସମସ୍ତ ଆବେଦନକାରୀ ନିର୍ଦ୍ଦେଶାବଳୀ ଭଲ ଭାବରେ ପଢ଼ି ଆବେଦନ କରିବାକୁ ଅନୁରୋଧ କରାଯାଉଛି ।

ପରବର୍ତ୍ତୀ ପୃଷ୍ଠା ଦେଖନ୍ତୁ ।
